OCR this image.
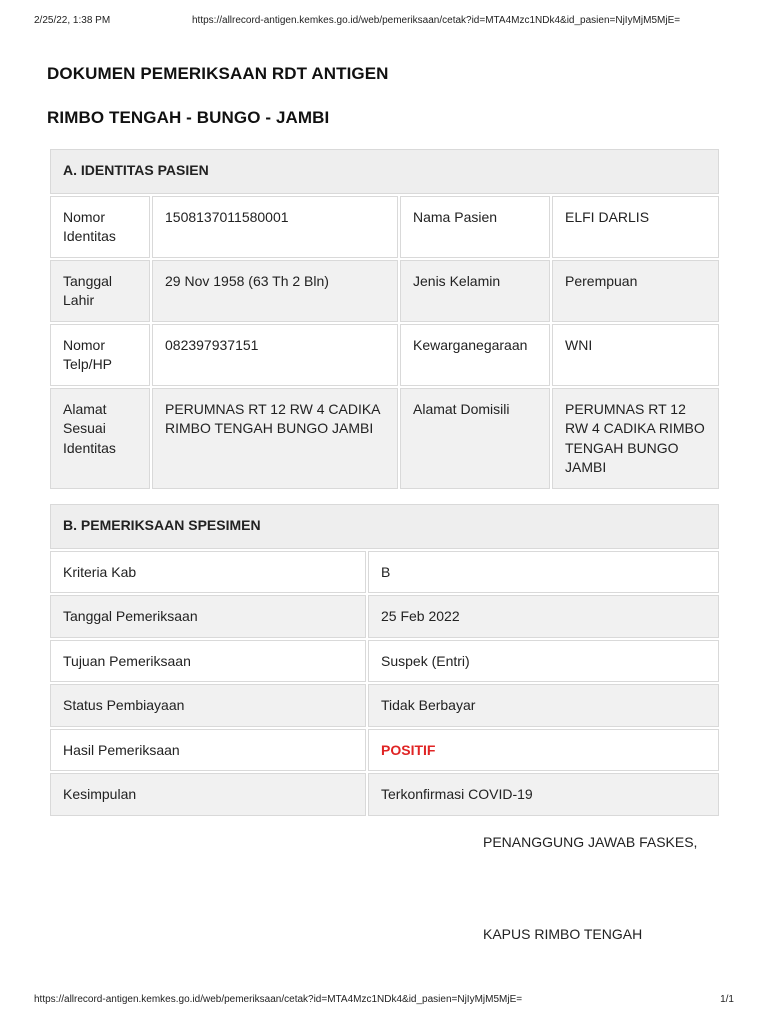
2/25/22, 1:38 PM	https://allrecord-antigen.kemkes.go.id/web/pemeriksaan/cetak?id=MTA4Mzc1NDk4&id_pasien=NjIyMjM5MjE=
DOKUMEN PEMERIKSAAN RDT ANTIGEN
RIMBO TENGAH - BUNGO - JAMBI
A. IDENTITAS PASIEN			
Nomor Identitas	1508137011580001	Nama Pasien	ELFI DARLIS
Tanggal Lahir	29 Nov 1958 (63 Th 2 Bln)	Jenis Kelamin	Perempuan
Nomor Telp/HP	082397937151	Kewarganegaraan	WNI
Alamat Sesuai Identitas	PERUMNAS RT 12 RW 4 CADIKA RIMBO TENGAH BUNGO JAMBI	Alamat Domisili	PERUMNAS RT 12 RW 4 CADIKA RIMBO TENGAH BUNGO JAMBI
B. PEMERIKSAAN SPESIMEN	
Kriteria Kab	B
Tanggal Pemeriksaan	25 Feb 2022
Tujuan Pemeriksaan	Suspek (Entri)
Status Pembiayaan	Tidak Berbayar
Hasil Pemeriksaan	POSITIF
Kesimpulan	Terkonfirmasi COVID-19
PENANGGUNG JAWAB FASKES,
KAPUS RIMBO TENGAH
https://allrecord-antigen.kemkes.go.id/web/pemeriksaan/cetak?id=MTA4Mzc1NDk4&id_pasien=NjIyMjM5MjE=	1/1
